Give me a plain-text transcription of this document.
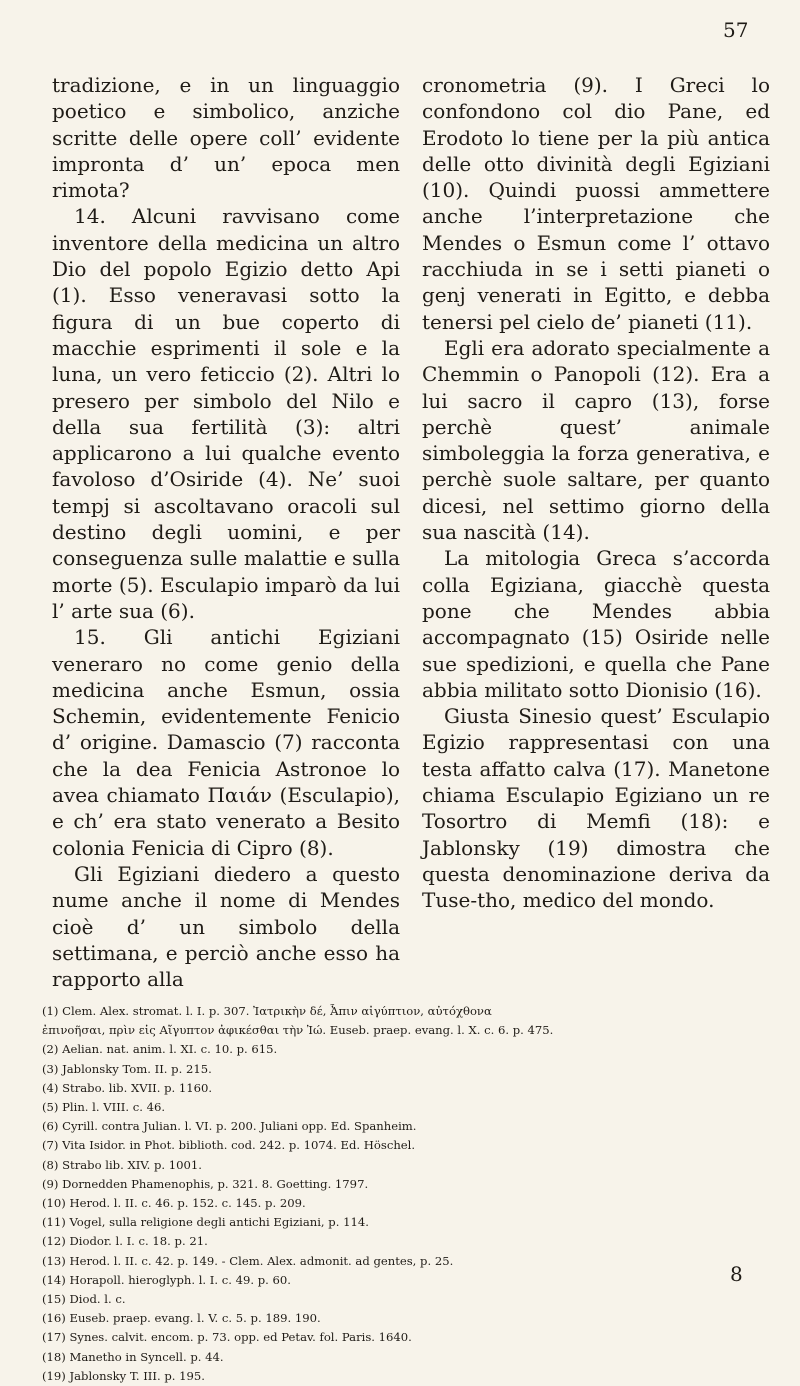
57

tradizione, e in un linguaggio poetico e simbolico, anziche scritte delle opere coll’ evidente impronta d’ un’ epoca men rimota?

14. Alcuni ravvisano come inventore della medicina un altro Dio del popolo Egizio detto Api (1). Esso veneravasi sotto la figura di un bue coperto di macchie esprimenti il sole e la luna, un vero feticcio (2). Altri lo presero per simbolo del Nilo e della sua fertilità (3): altri applicarono a lui qualche evento favoloso d’Osiride (4). Ne’ suoi tempj si ascoltavano oracoli sul destino degli uomini, e per conseguenza sulle malattie e sulla morte (5). Esculapio imparò da lui l’ arte sua (6).

15. Gli antichi Egiziani veneraro no come genio della medicina anche Esmun, ossia Schemin, evidentemente Fenicio d’ origine. Damascio (7) racconta che la dea Fenicia Astronoe lo avea chiamato Παιάν (Esculapio), e ch’ era stato venerato a Besito colonia Fenicia di Cipro (8).

Gli Egiziani diedero a questo nume anche il nome di Mendes cioè d’ un simbolo della settimana, e perciò anche esso ha rapporto alla

cronometria (9). I Greci lo confondono col dio Pane, ed Erodoto lo tiene per la più antica delle otto divinità degli Egiziani (10). Quindi puossi ammettere anche l’interpretazione che Mendes o Esmun come l’ ottavo racchiuda in se i setti pianeti o genj venerati in Egitto, e debba tenersi pel cielo de’ pianeti (11).

Egli era adorato specialmente a Chemmin o Panopoli (12). Era a lui sacro il capro (13), forse perchè quest’ animale simboleggia la forza generativa, e perchè suole saltare, per quanto dicesi, nel settimo giorno della sua nascità (14).

La mitologia Greca s’accorda colla Egiziana, giacchè questa pone che Mendes abbia accompagnato (15) Osiride nelle sue spedizioni, e quella che Pane abbia militato sotto Dionisio (16).

Giusta Sinesio quest’ Esculapio Egizio rappresentasi con una testa affatto calva (17). Manetone chiama Esculapio Egiziano un re Tosortro di Memfi (18): e Jablonsky (19) dimostra che questa denominazione deriva da Tuse-tho, medico del mondo.

(1) Clem. Alex. stromat. l. I. p. 307. Ἰατρικὴν δέ, Ἆπιν αἰγύπτιον, αὐτόχθονα
ἐπινοῆσαι, πρὶν εἰς Αἴγυπτον ἀφικέσθαι τὴν Ἰώ. Euseb. praep. evang. l. X. c. 6. p. 475.
(2) Aelian. nat. anim. l. XI. c. 10. p. 615.
(3) Jablonsky Tom. II. p. 215.
(4) Strabo. lib. XVII. p. 1160.
(5) Plin. l. VIII. c. 46.
(6) Cyrill. contra Julian. l. VI. p. 200. Juliani opp. Ed. Spanheim.
(7) Vita Isidor. in Phot. biblioth. cod. 242. p. 1074. Ed. Höschel.
(8) Strabo lib. XIV. p. 1001.
(9) Dornedden Phamenophis, p. 321. 8. Goetting. 1797.
(10) Herod. l. II. c. 46. p. 152. c. 145. p. 209.
(11) Vogel, sulla religione degli antichi Egiziani, p. 114.
(12) Diodor. l. I. c. 18. p. 21.
(13) Herod. l. II. c. 42. p. 149. - Clem. Alex. admonit. ad gentes, p. 25.
(14) Horapoll. hieroglyph. l. I. c. 49. p. 60.
(15) Diod. l. c.
(16) Euseb. praep. evang. l. V. c. 5. p. 189. 190.
(17) Synes. calvit. encom. p. 73. opp. ed Petav. fol. Paris. 1640.
(18) Manetho in Syncell. p. 44.
(19) Jablonsky T. III. p. 195.
8
